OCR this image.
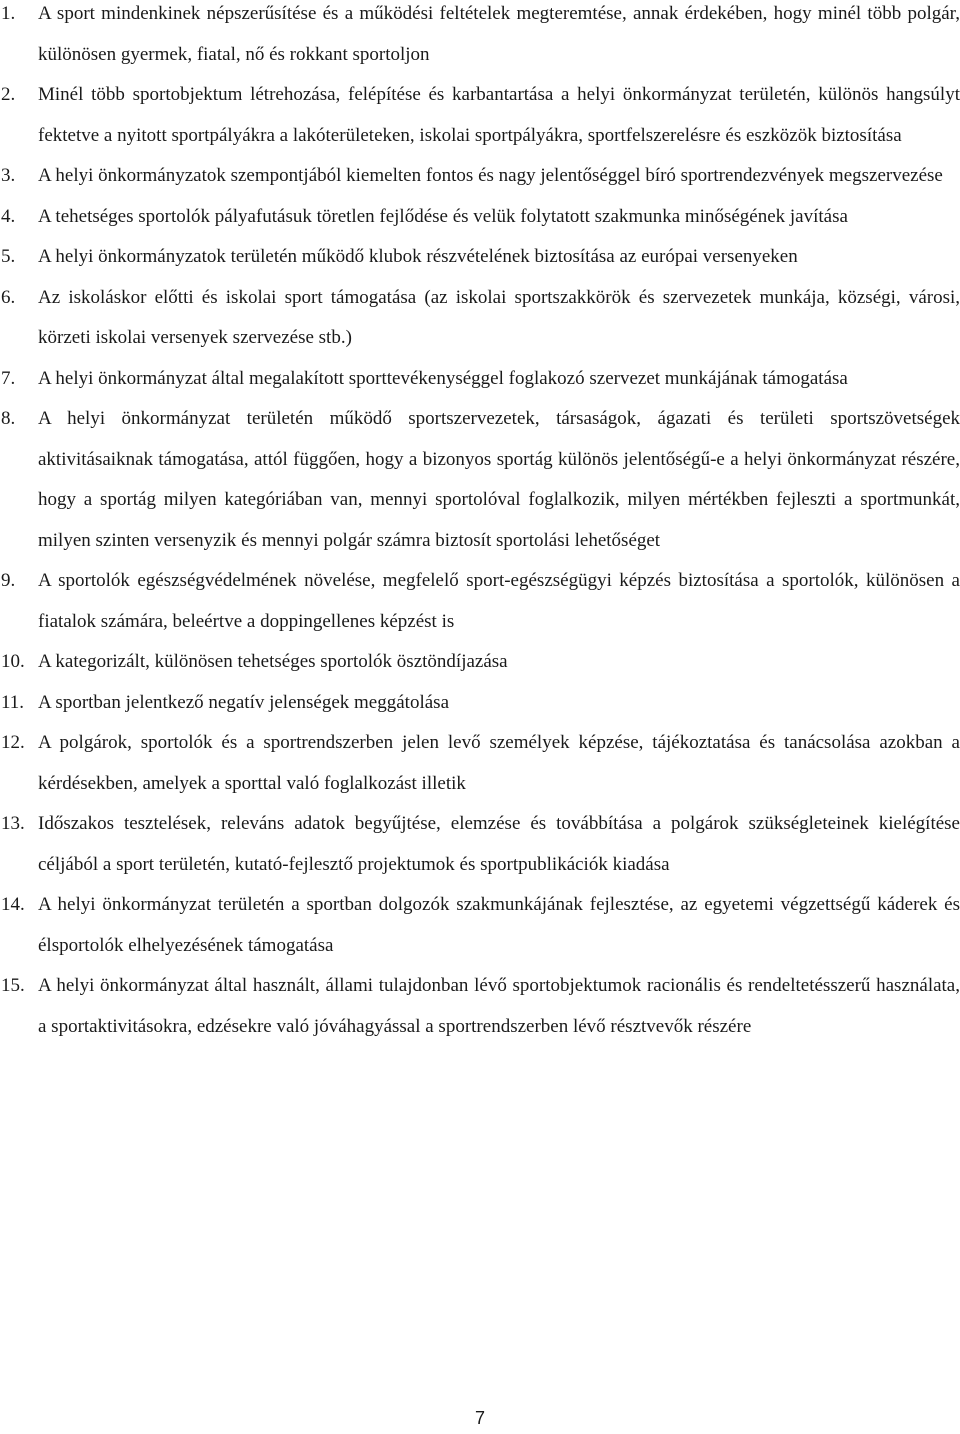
1.	A sport mindenkinek népszerűsítése és a működési feltételek megteremtése, annak érdekében, hogy minél több polgár, különösen gyermek, fiatal, nő és rokkant sportoljon
2.	Minél több sportobjektum létrehozása, felépítése és karbantartása a helyi önkormányzat területén, különös hangsúlyt fektetve a nyitott sportpályákra a lakóterületeken, iskolai sportpályákra, sportfelszerelésre és eszközök biztosítása
3.	A helyi önkormányzatok szempontjából kiemelten fontos és nagy jelentőséggel bíró sportrendezvények megszervezése
4.	A tehetséges sportolók pályafutásuk töretlen fejlődése és velük folytatott szakmunka minőségének javítása
5.	A helyi önkormányzatok területén működő klubok részvételének biztosítása az európai versenyeken
6.	Az iskoláskor előtti és iskolai sport támogatása (az iskolai sportszakkörök és szervezetek munkája, községi, városi, körzeti iskolai versenyek szervezése stb.)
7.	A helyi önkormányzat által megalakított sporttevékenységgel foglakozó szervezet munkájának támogatása
8.	A helyi önkormányzat területén működő sportszervezetek, társaságok, ágazati és területi sportszövetségek aktivitásaiknak támogatása, attól függően, hogy a bizonyos sportág különös jelentőségű-e a helyi önkormányzat részére, hogy a sportág milyen kategóriában van, mennyi sportolóval foglalkozik, milyen mértékben fejleszti a sportmunkát, milyen szinten versenyzik és mennyi polgár számra biztosít sportolási lehetőséget
9.	A sportolók egészségvédelmének növelése, megfelelő sport-egészségügyi képzés biztosítása a sportolók, különösen a fiatalok számára, beleértve a doppingellenes képzést is
10. A kategorizált, különösen tehetséges sportolók ösztöndíjazása
11. A sportban jelentkező negatív jelenségek meggátolása
12. A polgárok, sportolók és a sportrendszerben jelen levő személyek képzése, tájékoztatása és tanácsolása azokban a kérdésekben, amelyek a sporttal való foglalkozást illetik
13. Időszakos tesztelések, releváns adatok begyűjtése, elemzése és továbbítása a polgárok szükségleteinek kielégítése céljából a sport területén, kutató-fejlesztő projektumok és sportpublikációk kiadása
14. A helyi önkormányzat területén a sportban dolgozók szakmunkájának fejlesztése, az egyetemi végzettségű káderek és élsportolók elhelyezésének támogatása
15. A helyi önkormányzat által használt, állami tulajdonban lévő sportobjektumok racionális és rendeltetésszerű használata, a sportaktivitásokra, edzésekre való jóváhagyással a sportrendszerben lévő résztvevők részére
7
